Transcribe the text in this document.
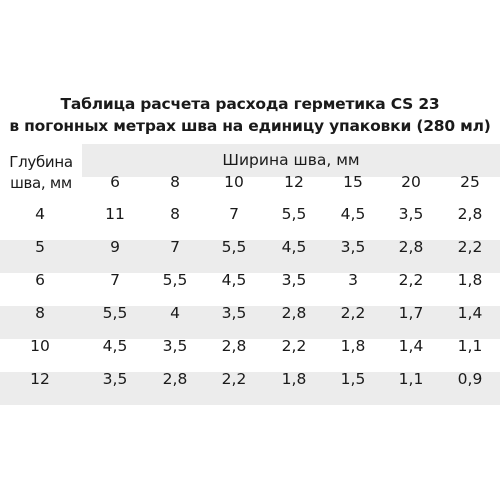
Таблица расчета расхода герметика CS 23
в погонных метрах шва на единицу упаковки (280 мл)
Глубина
шва, мм
Ширина шва, мм
6	8	10	12	15	20	25
4	11	8	7	5,5	4,5	3,5	2,8
5	9	7	5,5	4,5	3,5	2,8	2,2
6	7	5,5	4,5	3,5	3	2,2	1,8
8	5,5	4	3,5	2,8	2,2	1,7	1,4
10	4,5	3,5	2,8	2,2	1,8	1,4	1,1
12	3,5	2,8	2,2	1,8	1,5	1,1	0,9
